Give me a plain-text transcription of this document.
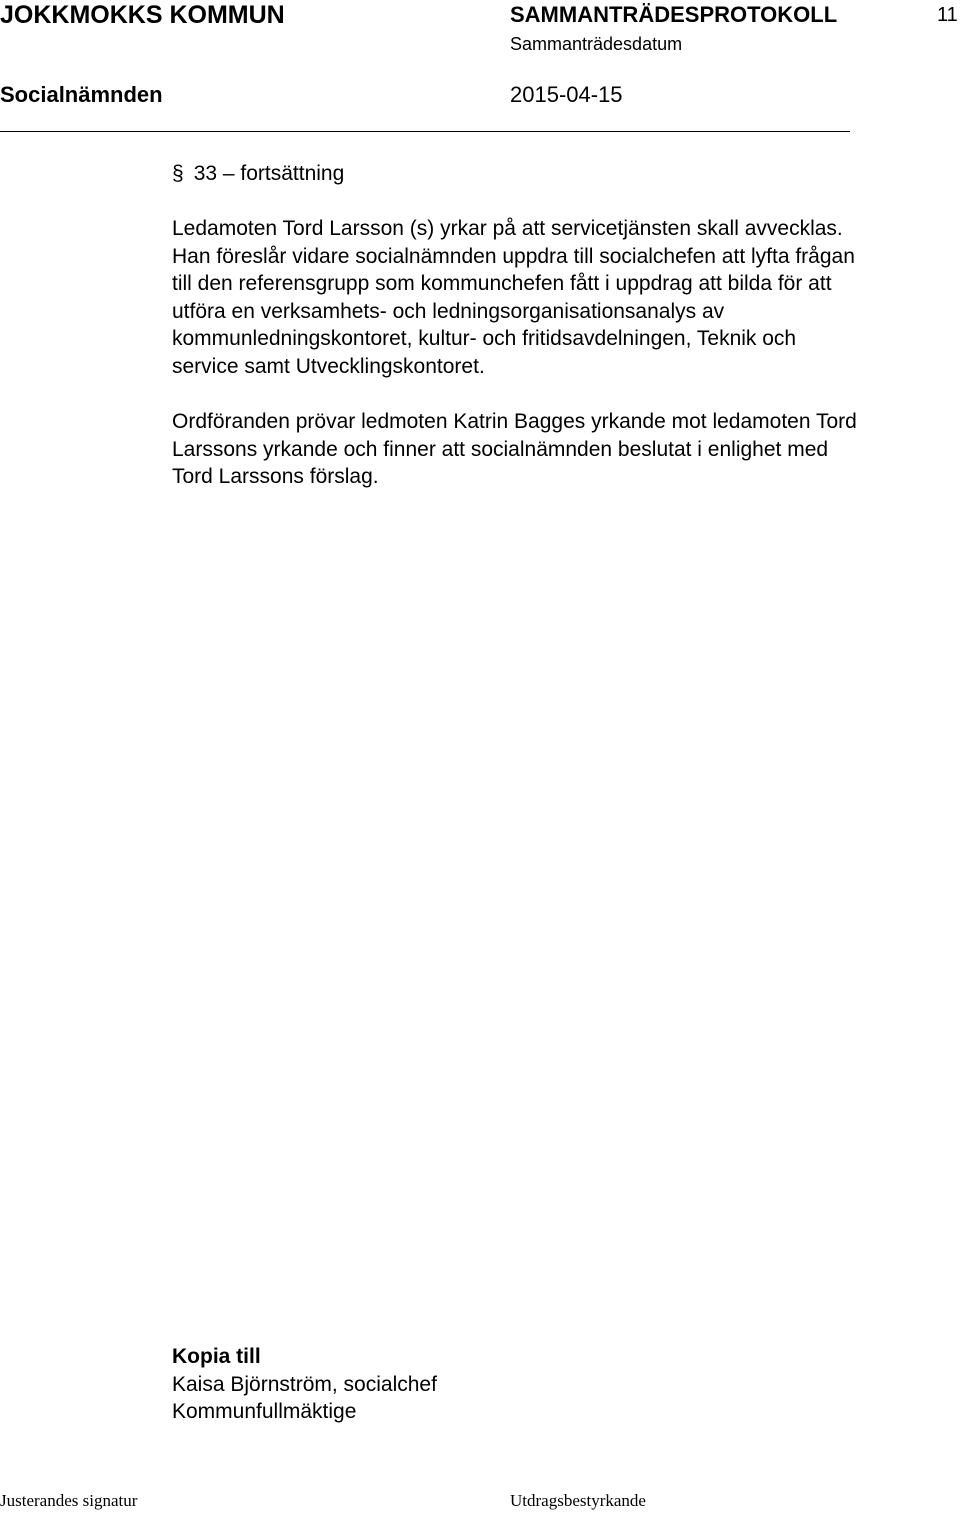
JOKKMOKKS KOMMUN	SAMMANTRÄDESPROTOKOLL	11
Sammanträdesdatum
Socialnämnden	2015-04-15
§ 33 – fortsättning
Ledamoten Tord Larsson (s) yrkar på att servicetjänsten skall avvecklas.
Han föreslår vidare socialnämnden uppdra till socialchefen att lyfta frågan
till den referensgrupp som kommunchefen fått i uppdrag att bilda för att
utföra en verksamhets- och ledningsorganisationsanalys av
kommunledningskontoret, kultur- och fritidsavdelningen, Teknik och
service samt Utvecklingskontoret.
Ordföranden prövar ledmoten Katrin Bagges yrkande mot ledamoten Tord
Larssons yrkande och finner att socialnämnden beslutat i enlighet med
Tord Larssons förslag.
Kopia till
Kaisa Björnström, socialchef
Kommunfullmäktige
Justerandes signatur	Utdragsbestyrkande
